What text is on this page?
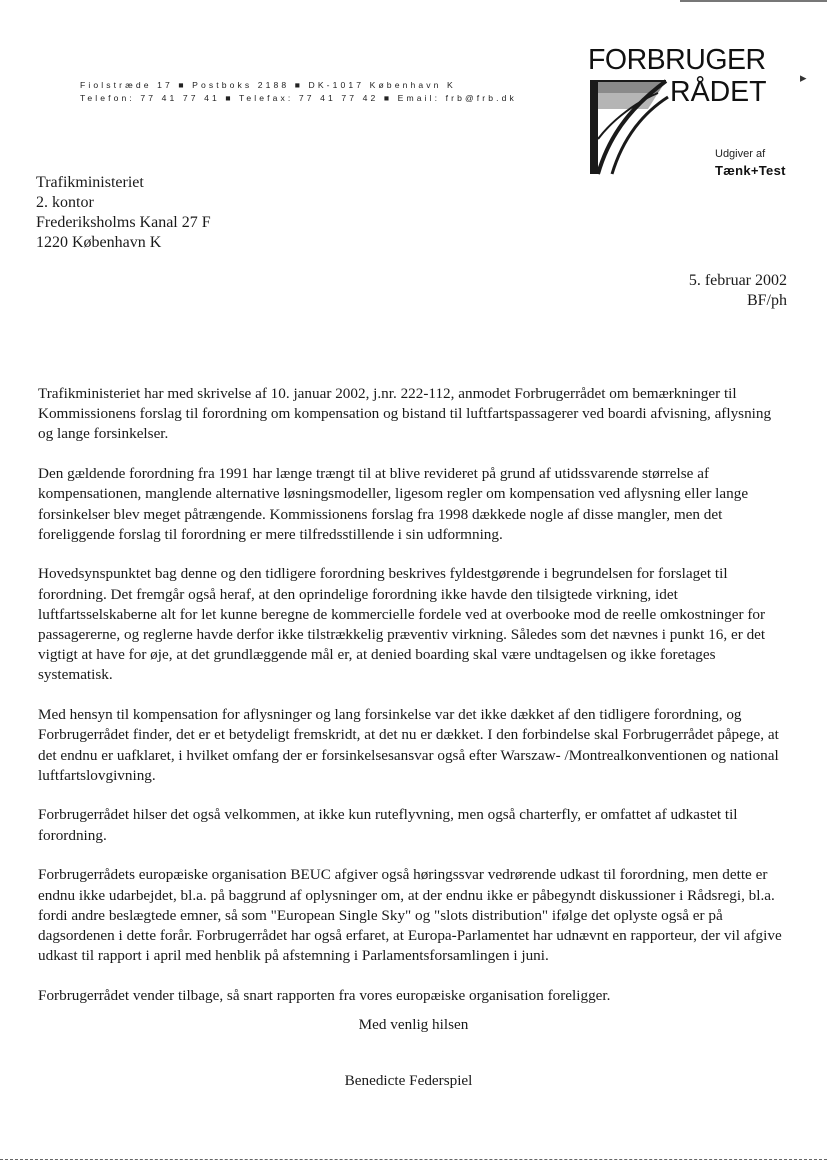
Fiolstræde 17 ■ Postboks 2188 ■ DK-1017 København K
Telefon: 77 41 77 41 ■ Telefax: 77 41 77 42 ■ Email: frb@frb.dk
FORBRUGER
RÅDET
Udgiver af
Tænk+Test
▸
Trafikministeriet
2. kontor
Frederiksholms Kanal 27 F
1220 København K
5. februar 2002
BF/ph

Trafikministeriet har med skrivelse af 10. januar 2002, j.nr. 222-112, anmodet Forbrugerrådet om bemærkninger til Kommissionens forslag til forordning om kompensation og bistand til luftfartspassagerer ved boardi afvisning, aflysning og lange forsinkelser.

Den gældende forordning fra 1991 har længe trængt til at blive revideret på grund af utidssvarende størrelse af kompensationen, manglende alternative løsningsmodeller, ligesom regler om kompensation ved aflysning eller lange forsinkelser blev meget påtrængende. Kommissionens forslag fra 1998 dækkede nogle af disse mangler, men det foreliggende forslag til forordning er mere tilfredsstillende i sin udformning.

Hovedsynspunktet bag denne og den tidligere forordning beskrives fyldestgørende i begrundelsen for forslaget til forordning. Det fremgår også heraf, at den oprindelige forordning ikke havde den tilsigtede virkning, idet luftfartsselskaberne alt for let kunne beregne de kommercielle fordele ved at overbooke mod de reelle omkostninger for passagererne, og reglerne havde derfor ikke tilstrækkelig præventiv virkning. Således som det nævnes i punkt 16, er det vigtigt at have for øje, at det grundlæggende mål er, at denied boarding skal være undtagelsen og ikke foretages systematisk.

Med hensyn til kompensation for aflysninger og lang forsinkelse var det ikke dækket af den tidligere forordning, og Forbrugerrådet finder, det er et betydeligt fremskridt, at det nu er dækket. I den forbindelse skal Forbrugerrådet påpege, at det endnu er uafklaret, i hvilket omfang der er forsinkelsesansvar også efter Warszaw- /Montrealkonventionen og national luftfartslovgivning.

Forbrugerrådet hilser det også velkommen, at ikke kun ruteflyvning, men også charterfly, er omfattet af udkastet til forordning.

Forbrugerrådets europæiske organisation BEUC afgiver også høringssvar vedrørende udkast til forordning, men dette er endnu ikke udarbejdet, bl.a. på baggrund af oplysninger om, at der endnu ikke er påbegyndt diskussioner i Rådsregi, bl.a. fordi andre beslægtede emner, så som "European Single Sky" og "slots distribution" ifølge det oplyste også er på dagsordenen i dette forår. Forbrugerrådet har også erfaret, at Europa-Parlamentet har udnævnt en rapporteur, der vil afgive udkast til rapport i april med henblik på afstemning i Parlamentsforsamlingen i juni.

Forbrugerrådet vender tilbage, så snart rapporten fra vores europæiske organisation foreligger.

Med venlig hilsen
Benedicte Federspiel
